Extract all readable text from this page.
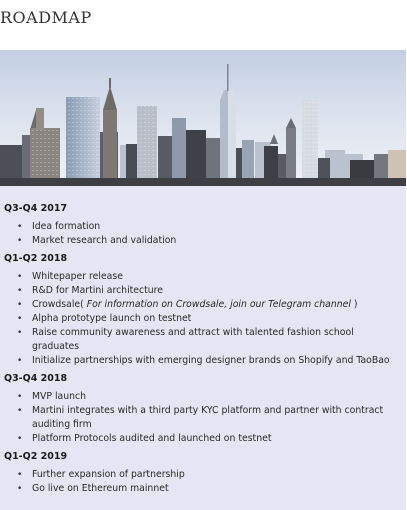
ROADMAP
Q3-Q4 2017
• Idea formation
• Market research and validation
Q1-Q2 2018
• Whitepaper release
• R&D for Martini architecture
• Crowdsale( For information on Crowdsale, join our Telegram channel )
• Alpha prototype launch on testnet
• Raise community awareness and attract with talented fashion school graduates
• Initialize partnerships with emerging designer brands on Shopify and TaoBao
Q3-Q4 2018
• MVP launch
• Martini integrates with a third party KYC platform and partner with contract auditing firm
• Platform Protocols audited and launched on testnet
Q1-Q2 2019
• Further expansion of partnership
• Go live on Ethereum mainnet
